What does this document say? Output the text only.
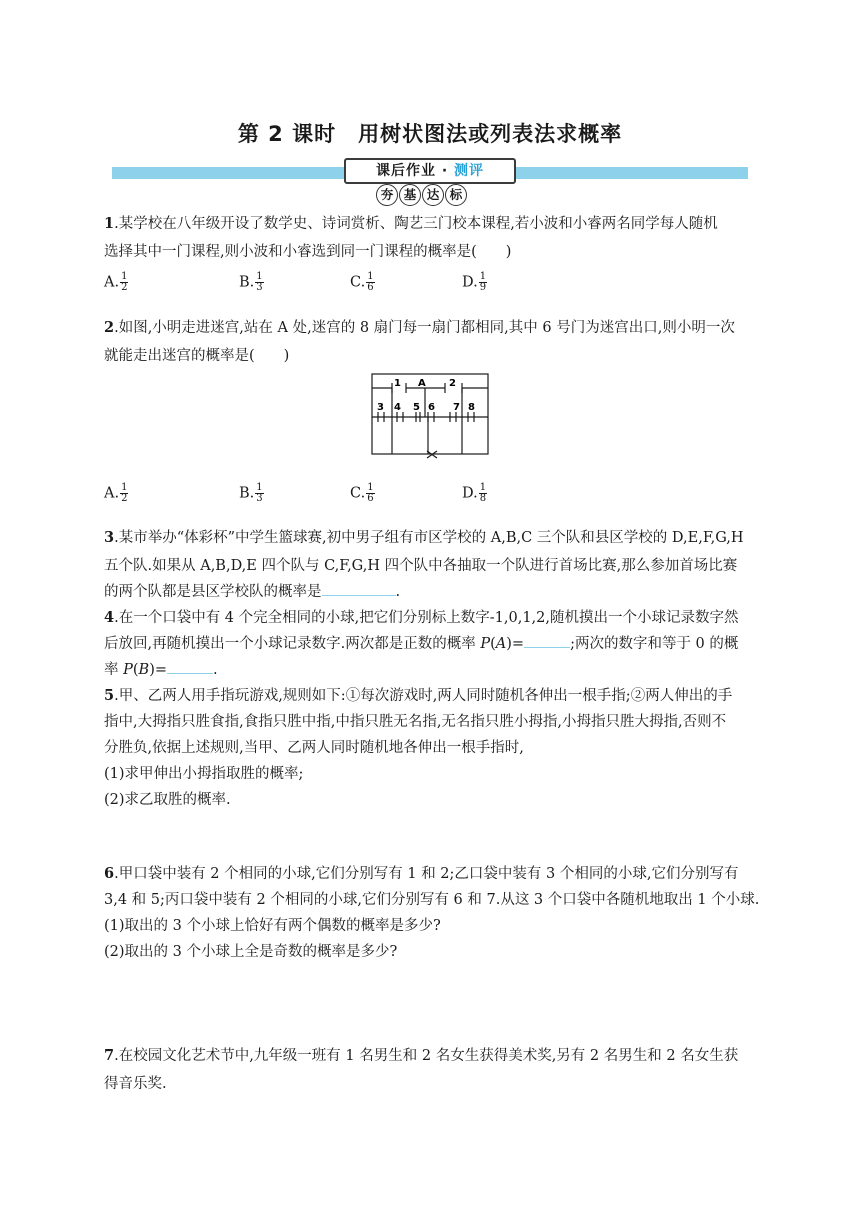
第 2 课时　用树状图法或列表法求概率
课后作业 · 测评
夯 基 达 标
1.某学校在八年级开设了数学史、诗词赏析、陶艺三门校本课程,若小波和小睿两名同学每人随机
选择其中一门课程,则小波和小睿选到同一门课程的概率是(　　)
A. $\frac{1}{2}$	B. $\frac{1}{3}$	C. $\frac{1}{6}$	D. $\frac{1}{9}$
2.如图,小明走进迷宫,站在 A 处,迷宫的 8 扇门每一扇门都相同,其中 6 号门为迷宫出口,则小明一次
就能走出迷宫的概率是(　　)
1 A 2
3 4 5 6 7 8
A. $\frac{1}{2}$	B. $\frac{1}{3}$	C. $\frac{1}{6}$	D. $\frac{1}{8}$
3.某市举办“体彩杯”中学生篮球赛,初中男子组有市区学校的 A,B,C 三个队和县区学校的 D,E,F,G,H
五个队.如果从 A,B,D,E 四个队与 C,F,G,H 四个队中各抽取一个队进行首场比赛,那么参加首场比赛
的两个队都是县区学校队的概率是	.
4.在一个口袋中有 4 个完全相同的小球,把它们分别标上数字-1,0,1,2,随机摸出一个小球记录数字然
后放回,再随机摸出一个小球记录数字.两次都是正数的概率 P(A)=	;两次的数字和等于 0 的概
率 P(B)=	.
5.甲、乙两人用手指玩游戏,规则如下:①每次游戏时,两人同时随机各伸出一根手指;②两人伸出的手
指中,大拇指只胜食指,食指只胜中指,中指只胜无名指,无名指只胜小拇指,小拇指只胜大拇指,否则不
分胜负,依据上述规则,当甲、乙两人同时随机地各伸出一根手指时,
(1)求甲伸出小拇指取胜的概率;
(2)求乙取胜的概率.
6.甲口袋中装有 2 个相同的小球,它们分别写有 1 和 2;乙口袋中装有 3 个相同的小球,它们分别写有
3,4 和 5;丙口袋中装有 2 个相同的小球,它们分别写有 6 和 7.从这 3 个口袋中各随机地取出 1 个小球.
(1)取出的 3 个小球上恰好有两个偶数的概率是多少?
(2)取出的 3 个小球上全是奇数的概率是多少?
7.在校园文化艺术节中,九年级一班有 1 名男生和 2 名女生获得美术奖,另有 2 名男生和 2 名女生获
得音乐奖.
